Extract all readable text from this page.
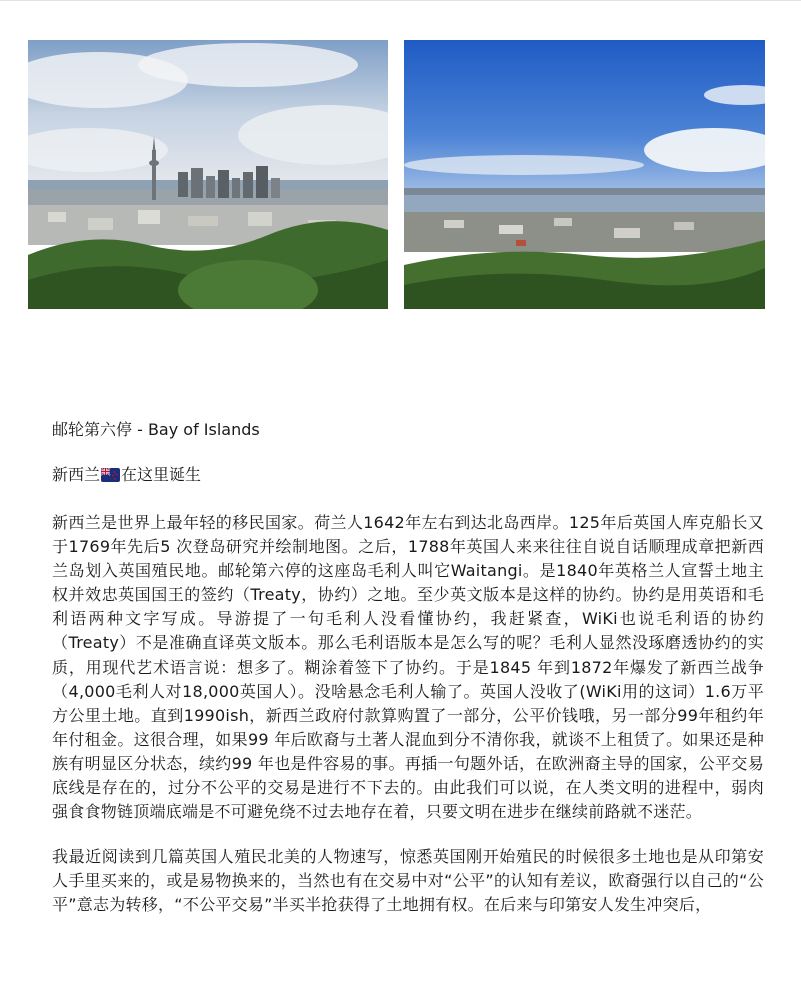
邮轮第六停 - Bay of Islands

新西兰 在这里诞生

新西兰是世界上最年轻的移民国家。荷兰人1642年左右到达北岛西岸。125年后英国人库克船长又于1769年先后5 次登岛研究并绘制地图。之后，1788年英国人来来往往自说自话顺理成章把新西兰岛划入英国殖民地。邮轮第六停的这座岛毛利人叫它Waitangi。是1840年英格兰人宣誓土地主权并效忠英国国王的签约（Treaty，协约）之地。至少英文版本是这样的协约。协约是用英语和毛利语两种文字写成。导游提了一句毛利人没看懂协约，我赶紧查，WiKi也说毛利语的协约（Treaty）不是准确直译英文版本。那么毛利语版本是怎么写的呢？毛利人显然没琢磨透协约的实质，用现代艺术语言说：想多了。糊涂着签下了协约。于是1845 年到1872年爆发了新西兰战争（4,000毛利人对18,000英国人）。没啥悬念毛利人输了。英国人没收了(WiKi用的这词）1.6万平方公里土地。直到1990ish，新西兰政府付款算购置了一部分，公平价钱哦，另一部分99年租约年年付租金。这很合理，如果99 年后欧裔与土著人混血到分不清你我，就谈不上租赁了。如果还是种族有明显区分状态，续约99 年也是件容易的事。再插一句题外话，在欧洲裔主导的国家，公平交易底线是存在的，过分不公平的交易是进行不下去的。由此我们可以说，在人类文明的进程中，弱肉强食食物链顶端底端是不可避免绕不过去地存在着，只要文明在进步在继续前路就不迷茫。

我最近阅读到几篇英国人殖民北美的人物速写，惊悉英国刚开始殖民的时候很多土地也是从印第安人手里买来的，或是易物换来的，当然也有在交易中对“公平”的认知有差议，欧裔强行以自己的“公平”意志为转移，“不公平交易”半买半抢获得了土地拥有权。在后来与印第安人发生冲突后，
